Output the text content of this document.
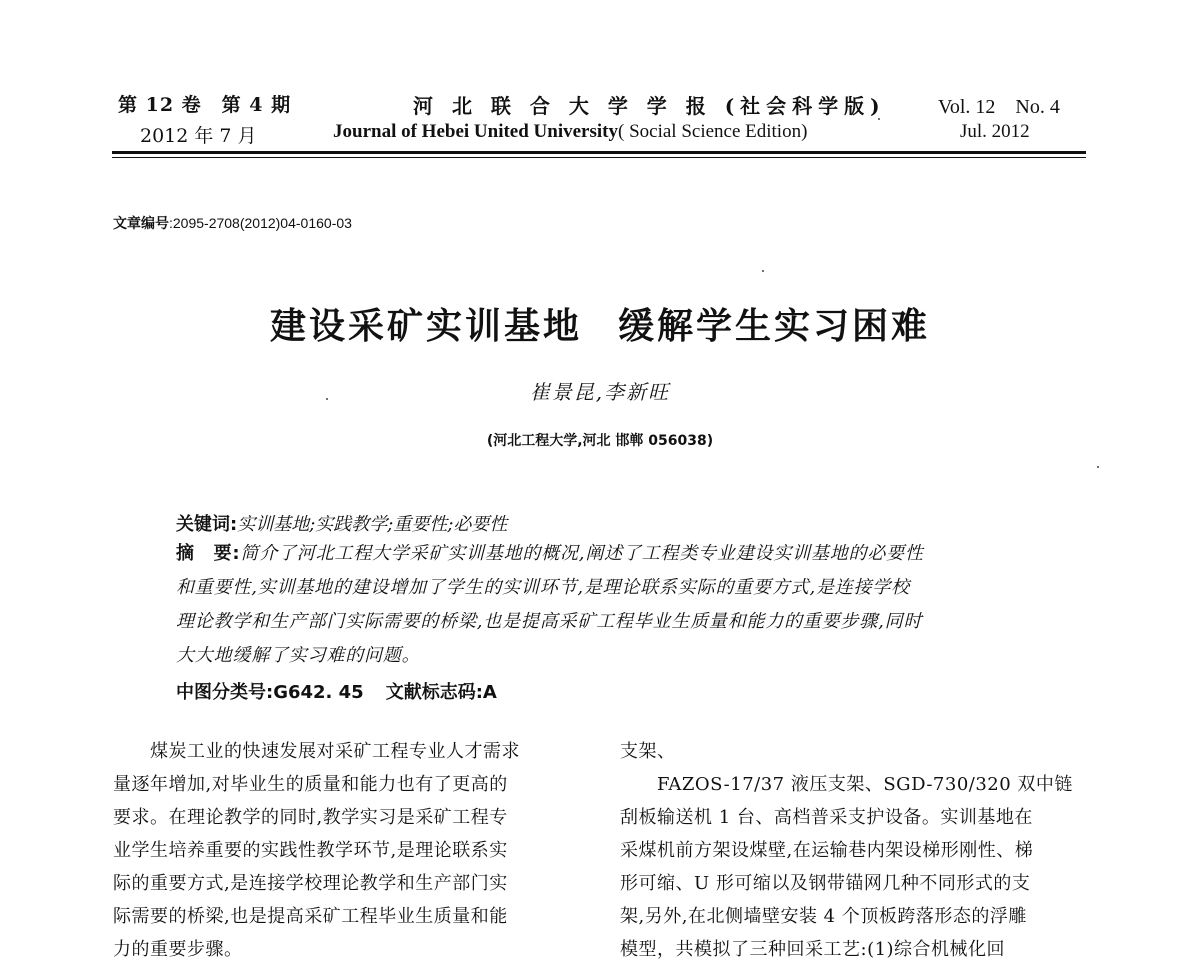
第 12 卷　第 4 期
2012 年 7 月
河 北 联 合 大 学 学 报 (社会科学版)
Journal of Hebei United University( Social Science Edition)
Vol. 12　No. 4
Jul. 2012
文章编号:2095-2708(2012)04-0160-03
建设采矿实训基地 缓解学生实习困难
崔景昆,李新旺
(河北工程大学,河北 邯郸 056038)
关键词:实训基地;实践教学;重要性;必要性
摘　要:简介了河北工程大学采矿实训基地的概况,阐述了工程类专业建设实训基地的必要性
和重要性,实训基地的建设增加了学生的实训环节,是理论联系实际的重要方式,是连接学校
理论教学和生产部门实际需要的桥梁,也是提高采矿工程毕业生质量和能力的重要步骤,同时
大大地缓解了实习难的问题。
中图分类号:G642. 45 文献标志码:A
　　煤炭工业的快速发展对采矿工程专业人才需求
量逐年增加,对毕业生的质量和能力也有了更高的
要求。在理论教学的同时,教学实习是采矿工程专
业学生培养重要的实践性教学环节,是理论联系实
际的重要方式,是连接学校理论教学和生产部门实
际需要的桥梁,也是提高采矿工程毕业生质量和能
力的重要步骤。
支架、
　　FAZOS-17/37 液压支架、SGD-730/320 双中链
刮板输送机 1 台、高档普采支护设备。实训基地在
采煤机前方架设煤壁,在运输巷内架设梯形刚性、梯
形可缩、U 形可缩以及钢带锚网几种不同形式的支
架,另外,在北侧墙壁安装 4 个顶板跨落形态的浮雕
模型，共模拟了三种回采工艺:(1)综合机械化回
